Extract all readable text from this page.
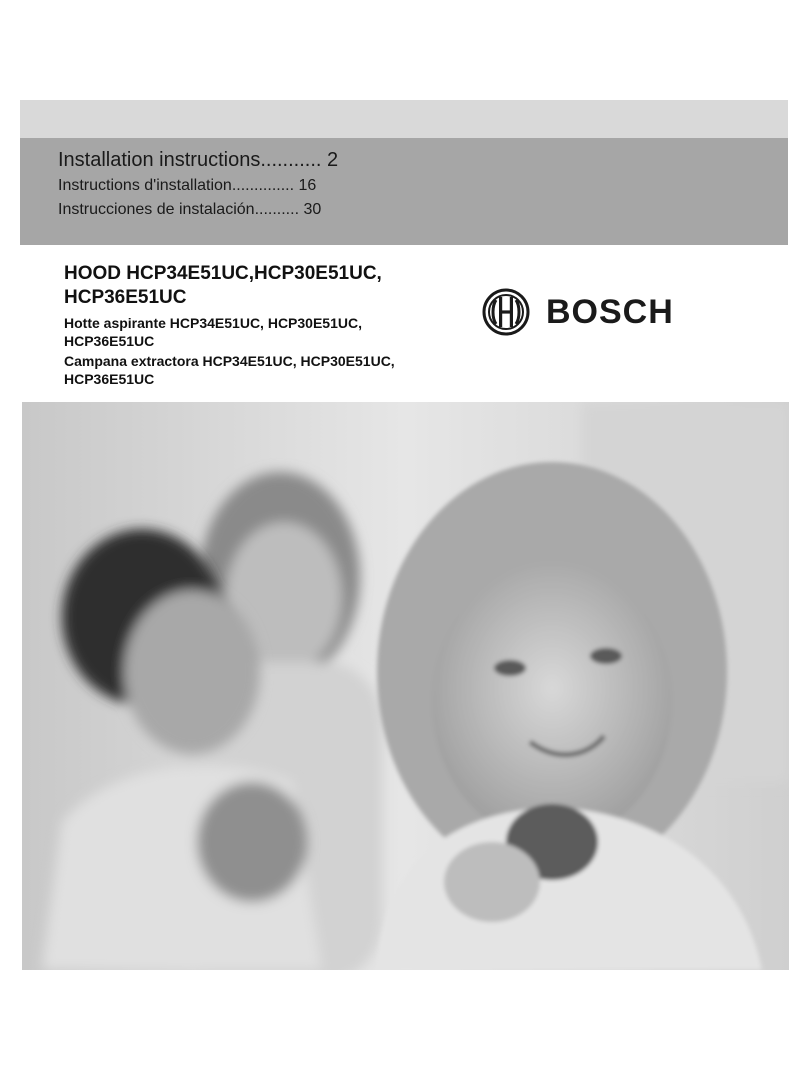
Installation instructions........... 2
Instructions d'installation.............. 16
Instrucciones de instalación.......... 30
HOOD HCP34E51UC,HCP30E51UC,
HCP36E51UC

Hotte aspirante HCP34E51UC, HCP30E51UC,
HCP36E51UC

Campana extractora HCP34E51UC, HCP30E51UC,
HCP36E51UC

BOSCH
